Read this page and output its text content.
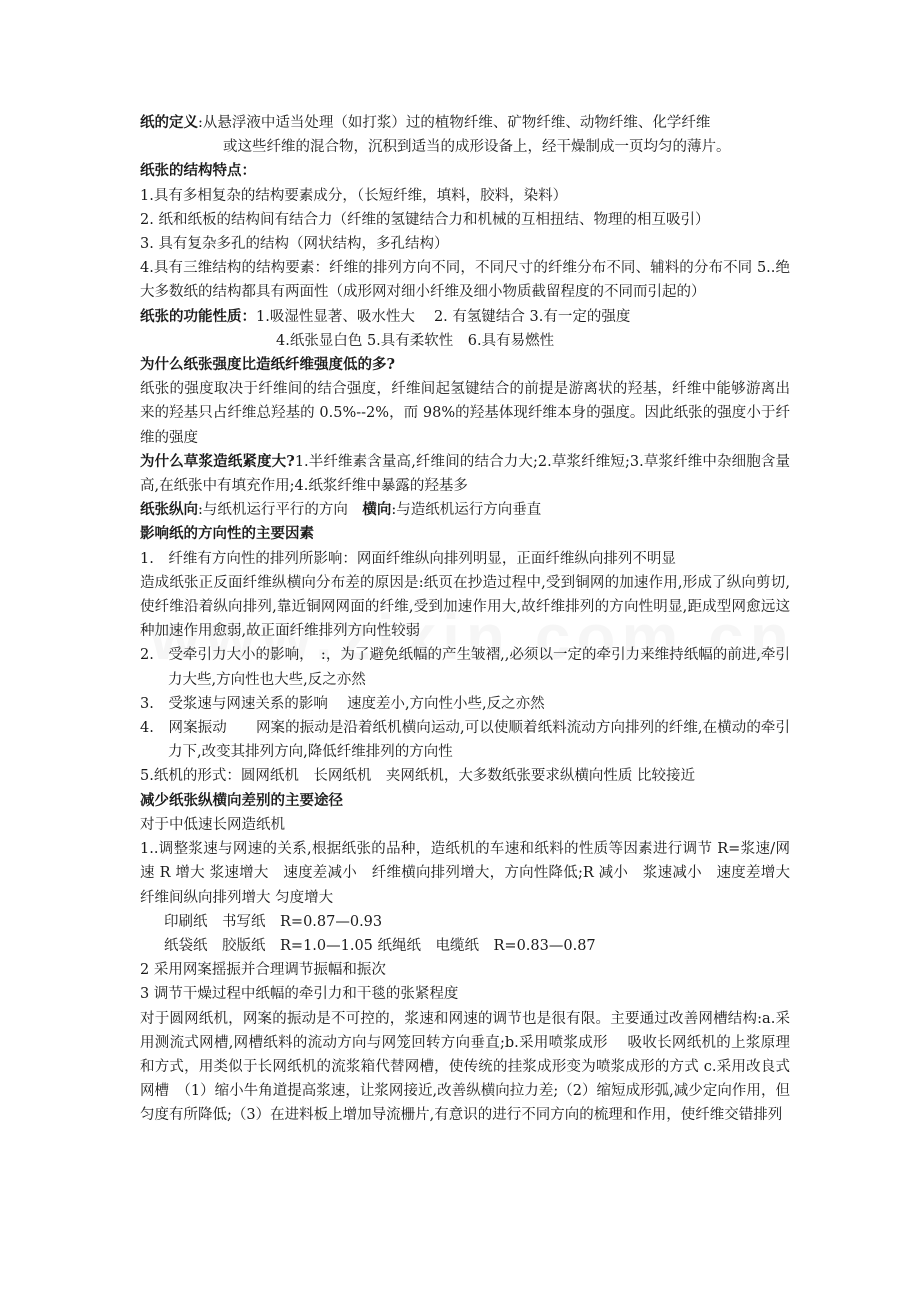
纸的定义:从悬浮液中适当处理（如打浆）过的植物纤维、矿物纤维、动物纤维、化学纤维

或这些纤维的混合物，沉积到适当的成形设备上，经干燥制成一页均匀的薄片。

纸张的结构特点：

1.具有多相复杂的结构要素成分，（长短纤维，填料，胶料，染料）

2. 纸和纸板的结构间有结合力（纤维的氢键结合力和机械的互相扭结、物理的相互吸引）

3. 具有复杂多孔的结构（网状结构，多孔结构）

4.具有三维结构的结构要素：纤维的排列方向不同，不同尺寸的纤维分布不同、辅料的分布不同 5..绝大多数纸的结构都具有两面性（成形网对细小纤维及细小物质截留程度的不同而引起的）

纸张的功能性质：1.吸湿性显著、吸水性大　 2. 有氢键结合 3.有一定的强度

4.纸张显白色 5.具有柔软性　6.具有易燃性

为什么纸张强度比造纸纤维强度低的多?

纸张的强度取决于纤维间的结合强度，纤维间起氢键结合的前提是游离状的羟基，纤维中能够游离出来的羟基只占纤维总羟基的 0.5%--2%，而 98%的羟基体现纤维本身的强度。因此纸张的强度小于纤维的强度

为什么草浆造纸紧度大?1.半纤维素含量高,纤维间的结合力大;2.草浆纤维短;3.草浆纤维中杂细胞含量高,在纸张中有填充作用;4.纸浆纤维中暴露的羟基多

纸张纵向:与纸机运行平行的方向　横向:与造纸机运行方向垂直

影响纸的方向性的主要因素

1.　纤维有方向性的排列所影响：网面纤维纵向排列明显，正面纤维纵向排列不明显

造成纸张正反面纤维纵横向分布差的原因是:纸页在抄造过程中,受到铜网的加速作用,形成了纵向剪切,使纤维沿着纵向排列,靠近铜网网面的纤维,受到加速作用大,故纤维排列的方向性明显,距成型网愈远这种加速作用愈弱,故正面纤维排列方向性较弱

2.　受牵引力大小的影响，　:，为了避免纸幅的产生皱褶,,必须以一定的牵引力来维持纸幅的前进,牵引力大些,方向性也大些,反之亦然

3.　受浆速与网速关系的影响　 速度差小,方向性小些,反之亦然

4.　网案振动　　网案的振动是沿着纸机横向运动,可以使顺着纸料流动方向排列的纤维,在横动的牵引力下,改变其排列方向,降低纤维排列的方向性

5.纸机的形式：圆网纸机　长网纸机　夹网纸机，大多数纸张要求纵横向性质 比较接近

减少纸张纵横向差别的主要途径

对于中低速长网造纸机

1..调整浆速与网速的关系,根据纸张的品种，造纸机的车速和纸料的性质等因素进行调节 R=浆速/网速 R 增大 浆速增大　速度差减小　纤维横向排列增大，方向性降低;R 减小　浆速减小　速度差增大　纤维间纵向排列增大 匀度增大

印刷纸　书写纸　R=0.87—0.93

纸袋纸　胶版纸　R=1.0—1.05 纸绳纸　电缆纸　R=0.83—0.87

2 采用网案摇振并合理调节振幅和振次

3 调节干燥过程中纸幅的牵引力和干毯的张紧程度

对于圆网纸机，网案的振动是不可控的，浆速和网速的调节也是很有限。主要通过改善网槽结构:a.采用测流式网槽,网槽纸料的流动方向与网笼回转方向垂直;b.采用喷浆成形　 吸收长网纸机的上浆原理和方式，用类似于长网纸机的流浆箱代替网槽，使传统的挂浆成形变为喷浆成形的方式 c.采用改良式网槽　（1）缩小牛角道提高浆速，让浆网接近,改善纵横向拉力差;（2）缩短成形弧,减少定向作用，但匀度有所降低;（3）在进料板上增加导流栅片,有意识的进行不同方向的梳理和作用，使纤维交错排列
